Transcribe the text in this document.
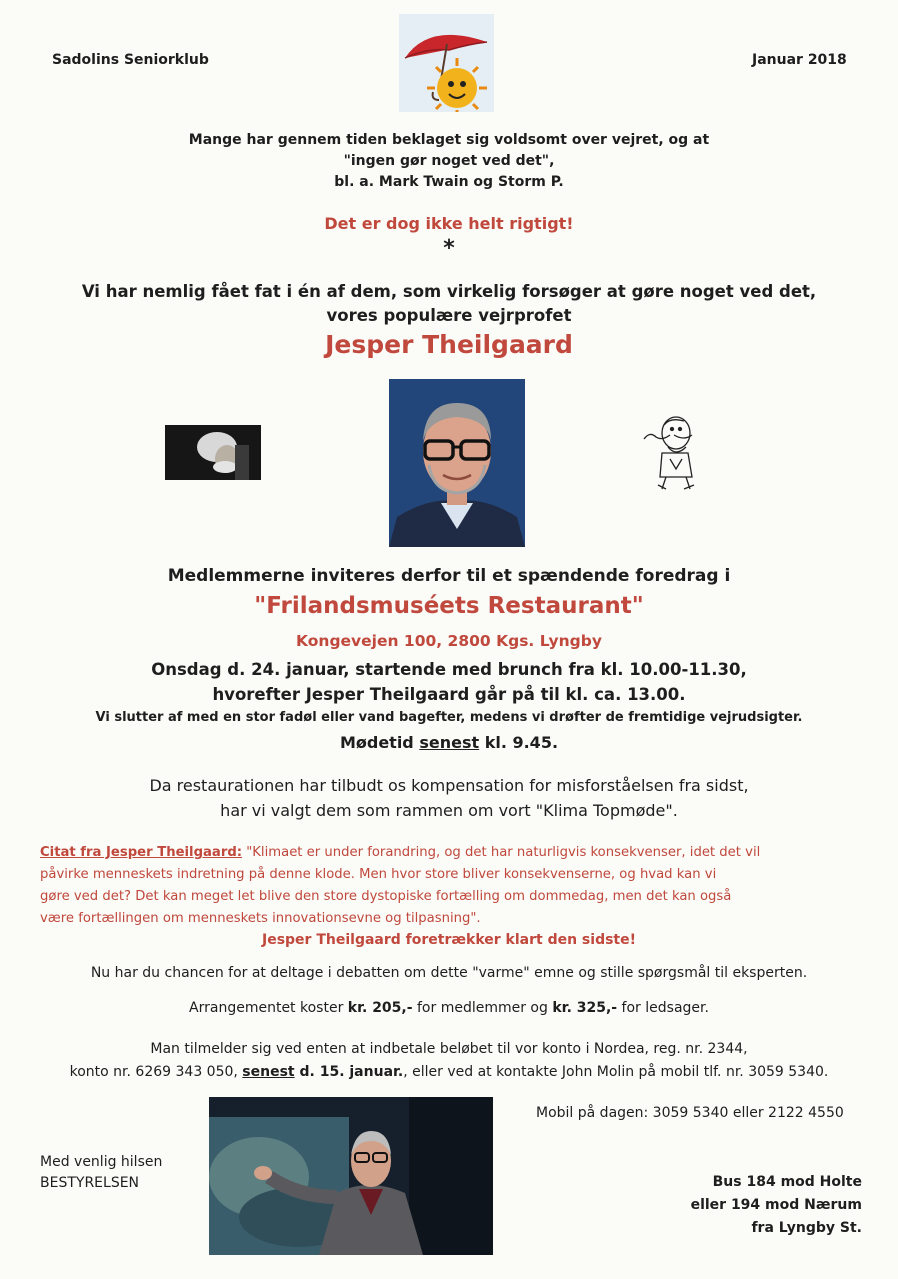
Sadolins Seniorklub	Januar 2018

Mange har gennem tiden beklaget sig voldsomt over vejret, og at

"ingen gør noget ved det",

bl. a. Mark Twain og Storm P.

Det er dog ikke helt rigtigt!
*

Vi har nemlig fået fat i én af dem, som virkelig forsøger at gøre noget ved det,

vores populære vejrprofet

Jesper Theilgaard
Medlemmerne inviteres derfor til et spændende foredrag i
"Frilandsmuséets Restaurant"
Kongevejen 100, 2800 Kgs. Lyngby

Onsdag d. 24. januar, startende med brunch fra kl. 10.00-11.30,

hvorefter Jesper Theilgaard går på til kl. ca. 13.00.

Vi slutter af med en stor fadøl eller vand bagefter, medens vi drøfter de fremtidige vejrudsigter.
Mødetid senest kl. 9.45.

Da restaurationen har tilbudt os kompensation for misforståelsen fra sidst,

har vi valgt dem som rammen om vort "Klima Topmøde".

Citat fra Jesper Theilgaard: "Klimaet er under forandring, og det har naturligvis konsekvenser, idet det vil

påvirke menneskets indretning på denne klode. Men hvor store bliver konsekvenserne, og hvad kan vi

gøre ved det? Det kan meget let blive den store dystopiske fortælling om dommedag, men det kan også

være fortællingen om menneskets innovationsevne og tilpasning".

Jesper Theilgaard foretrækker klart den sidste!
Nu har du chancen for at deltage i debatten om dette "varme" emne og stille spørgsmål til eksperten.
Arrangementet koster kr. 205,- for medlemmer og kr. 325,- for ledsager.

Man tilmelder sig ved enten at indbetale beløbet til vor konto i Nordea, reg. nr. 2344,

konto nr. 6269 343 050, senest d. 15. januar., eller ved at kontakte John Molin på mobil tlf. nr. 3059 5340.

Mobil på dagen: 3059 5340 eller 2122 4550

Med venlig hilsen

BESTYRELSEN	Bus 184 mod Holte

eller 194 mod Nærum

fra Lyngby St.
